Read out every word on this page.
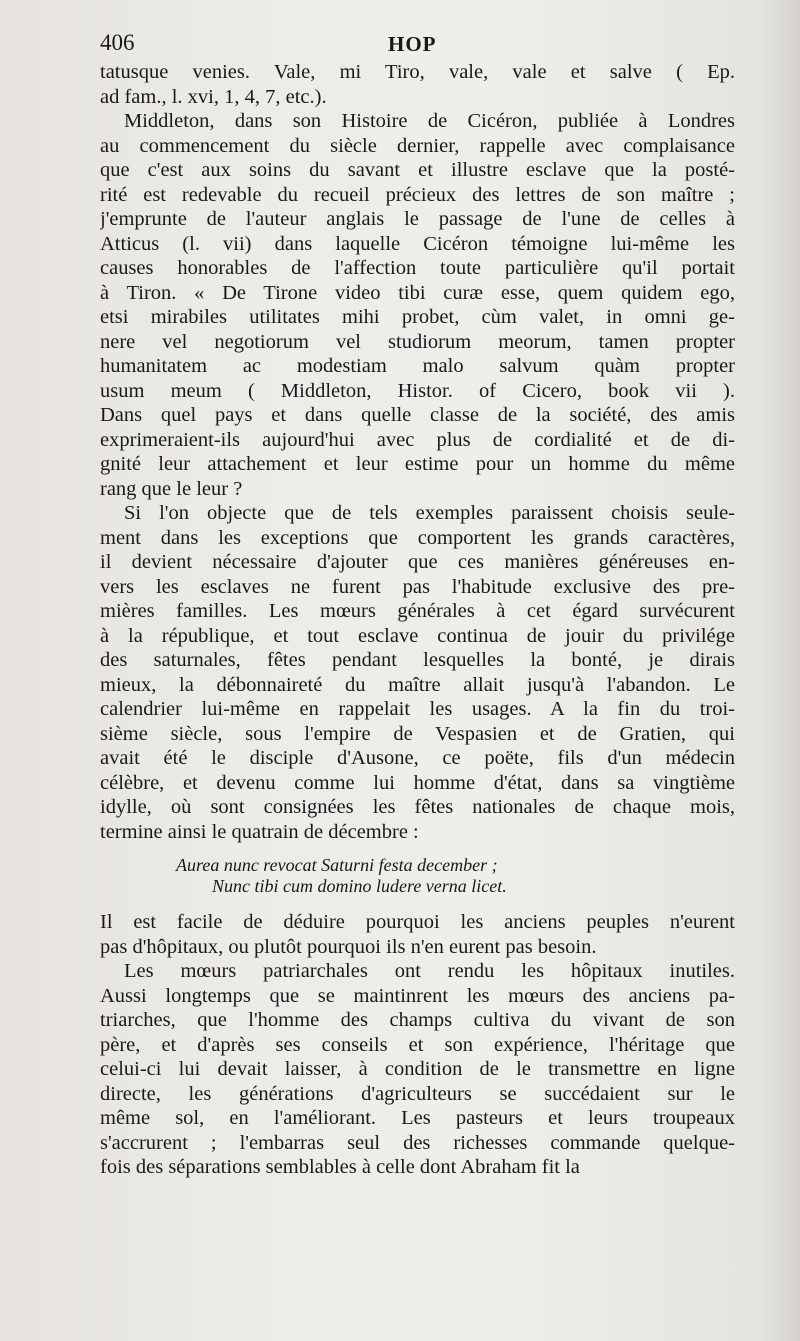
406	HOP
tatusque venies. Vale, mi Tiro, vale, vale et salve ( Ep.
ad fam., l. xvi, 1, 4, 7, etc.).
Middleton, dans son Histoire de Cicéron, publiée à Londres
au commencement du siècle dernier, rappelle avec complaisance
que c'est aux soins du savant et illustre esclave que la posté-
rité est redevable du recueil précieux des lettres de son maître ;
j'emprunte de l'auteur anglais le passage de l'une de celles à
Atticus (l. vii) dans laquelle Cicéron témoigne lui-même les
causes honorables de l'affection toute particulière qu'il portait
à Tiron. « De Tirone video tibi curæ esse, quem quidem ego,
etsi mirabiles utilitates mihi probet, cùm valet, in omni ge-
nere vel negotiorum vel studiorum meorum, tamen propter
humanitatem ac modestiam malo salvum quàm propter
usum meum ( Middleton, Histor. of Cicero, book vii ).
Dans quel pays et dans quelle classe de la société, des amis
exprimeraient-ils aujourd'hui avec plus de cordialité et de di-
gnité leur attachement et leur estime pour un homme du même
rang que le leur ?
Si l'on objecte que de tels exemples paraissent choisis seule-
ment dans les exceptions que comportent les grands caractères,
il devient nécessaire d'ajouter que ces manières généreuses en-
vers les esclaves ne furent pas l'habitude exclusive des pre-
mières familles. Les mœurs générales à cet égard survécurent
à la république, et tout esclave continua de jouir du privilége
des saturnales, fêtes pendant lesquelles la bonté, je dirais
mieux, la débonnaireté du maître allait jusqu'à l'abandon. Le
calendrier lui-même en rappelait les usages. A la fin du troi-
sième siècle, sous l'empire de Vespasien et de Gratien, qui
avait été le disciple d'Ausone, ce poëte, fils d'un médecin
célèbre, et devenu comme lui homme d'état, dans sa vingtième
idylle, où sont consignées les fêtes nationales de chaque mois,
termine ainsi le quatrain de décembre :
Aurea nunc revocat Saturni festa december ;
Nunc tibi cum domino ludere verna licet.
Il est facile de déduire pourquoi les anciens peuples n'eurent
pas d'hôpitaux, ou plutôt pourquoi ils n'en eurent pas besoin.
Les mœurs patriarchales ont rendu les hôpitaux inutiles.
Aussi longtemps que se maintinrent les mœurs des anciens pa-
triarches, que l'homme des champs cultiva du vivant de son
père, et d'après ses conseils et son expérience, l'héritage que
celui-ci lui devait laisser, à condition de le transmettre en ligne
directe, les générations d'agriculteurs se succédaient sur le
même sol, en l'améliorant. Les pasteurs et leurs troupeaux
s'accrurent ; l'embarras seul des richesses commande quelque-
fois des séparations semblables à celle dont Abraham fit la
